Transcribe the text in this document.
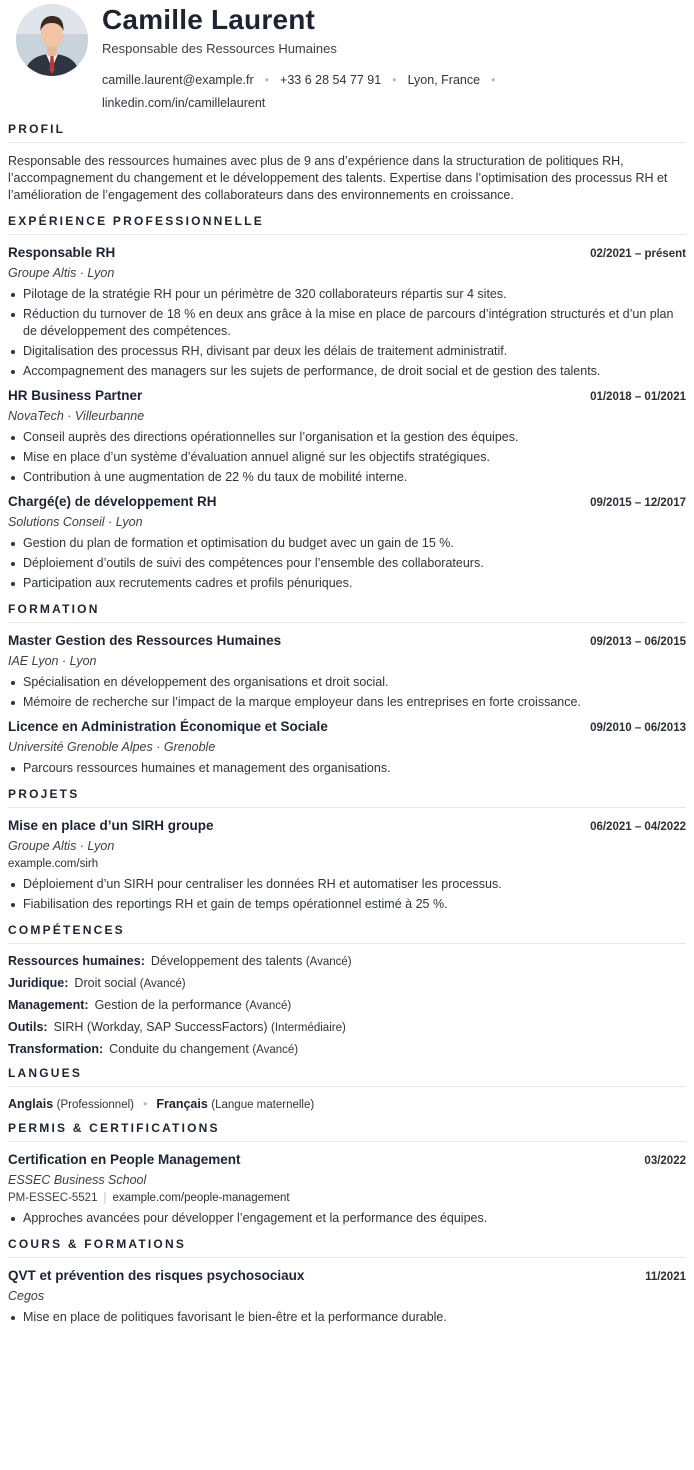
Camille Laurent
Responsable des Ressources Humaines
camille.laurent@example.fr • +33 6 28 54 77 91 • Lyon, France •
linkedin.com/in/camillelaurent
PROFIL
Responsable des ressources humaines avec plus de 9 ans d’expérience dans la structuration de politiques RH, l’accompagnement du changement et le développement des talents. Expertise dans l’optimisation des processus RH et l’amélioration de l’engagement des collaborateurs dans des environnements en croissance.
EXPÉRIENCE PROFESSIONNELLE
Responsable RH	02/2021 – présent
Groupe Altis · Lyon
Pilotage de la stratégie RH pour un périmètre de 320 collaborateurs répartis sur 4 sites.
Réduction du turnover de 18 % en deux ans grâce à la mise en place de parcours d’intégration structurés et d’un plan de développement des compétences.
Digitalisation des processus RH, divisant par deux les délais de traitement administratif.
Accompagnement des managers sur les sujets de performance, de droit social et de gestion des talents.
HR Business Partner	01/2018 – 01/2021
NovaTech · Villeurbanne
Conseil auprès des directions opérationnelles sur l’organisation et la gestion des équipes.
Mise en place d’un système d’évaluation annuel aligné sur les objectifs stratégiques.
Contribution à une augmentation de 22 % du taux de mobilité interne.
Chargé(e) de développement RH	09/2015 – 12/2017
Solutions Conseil · Lyon
Gestion du plan de formation et optimisation du budget avec un gain de 15 %.
Déploiement d’outils de suivi des compétences pour l’ensemble des collaborateurs.
Participation aux recrutements cadres et profils pénuriques.
FORMATION
Master Gestion des Ressources Humaines	09/2013 – 06/2015
IAE Lyon · Lyon
Spécialisation en développement des organisations et droit social.
Mémoire de recherche sur l’impact de la marque employeur dans les entreprises en forte croissance.
Licence en Administration Économique et Sociale	09/2010 – 06/2013
Université Grenoble Alpes · Grenoble
Parcours ressources humaines et management des organisations.
PROJETS
Mise en place d’un SIRH groupe	06/2021 – 04/2022
Groupe Altis · Lyon
example.com/sirh
Déploiement d’un SIRH pour centraliser les données RH et automatiser les processus.
Fiabilisation des reportings RH et gain de temps opérationnel estimé à 25 %.
COMPÉTENCES
Ressources humaines: Développement des talents (Avancé)
Juridique: Droit social (Avancé)
Management: Gestion de la performance (Avancé)
Outils: SIRH (Workday, SAP SuccessFactors) (Intermédiaire)
Transformation: Conduite du changement (Avancé)
LANGUES
Anglais (Professionnel) • Français (Langue maternelle)
PERMIS & CERTIFICATIONS
Certification en People Management	03/2022
ESSEC Business School
PM-ESSEC-5521 | example.com/people-management
Approches avancées pour développer l’engagement et la performance des équipes.
COURS & FORMATIONS
QVT et prévention des risques psychosociaux	11/2021
Cegos
Mise en place de politiques favorisant le bien-être et la performance durable.
